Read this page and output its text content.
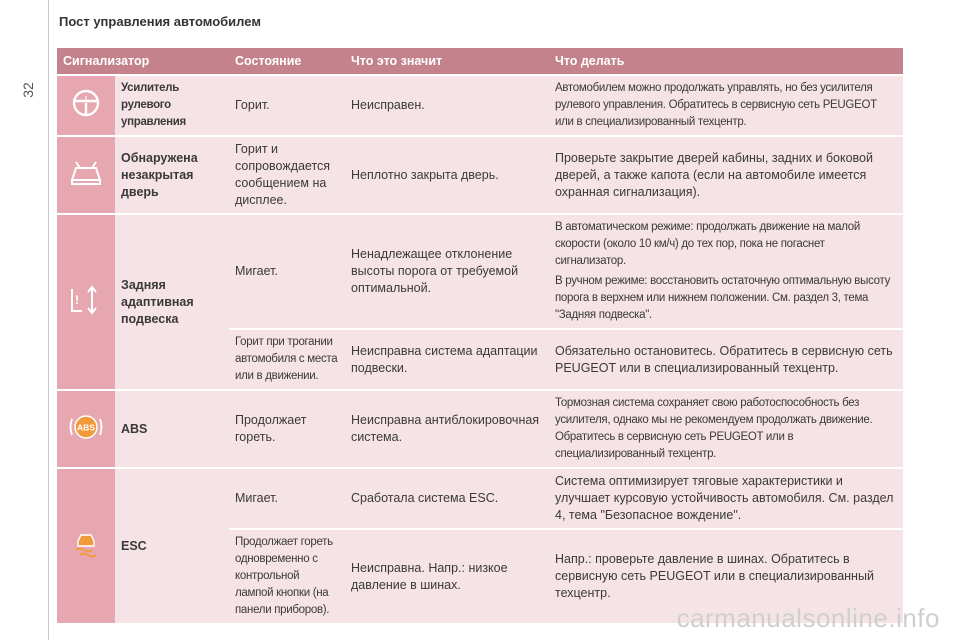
32
Пост управления автомобилем
Сигнализатор		Состояние	Что это значит	Что делать

!	Усилитель рулевого управления	Горит.	Неисправен.	Автомобилем можно продолжать управлять, но без усилителя рулевого управления. Обратитесь в сервисную сеть PEUGEOT или в специализированный техцентр.
	Обнаружена незакрытая дверь	Горит и сопровождается сообщением на дисплее.	Неплотно закрыта дверь.	Проверьте закрытие дверей кабины, задних и боковой дверей, а также капота (если на автомобиле имеется охранная сигнализация).

!	Задняя адаптивная подвеска	Мигает.	Ненадлежащее отклонение высоты порога от требуемой оптимальной.	В автоматическом режиме: продолжать движение на малой скорости (около 10 км/ч) до тех пор, пока не погаснет сигнализатор.
В ручном режиме: восстановить остаточную оптимальную высоту порога в верхнем или нижнем положении. См. раздел 3, тема "Задняя подвеска".

		Горит при трогании автомобиля с места или в движении.	Неисправна система адаптации подвески.	Обязательно остановитесь. Обратитесь в сервисную сеть PEUGEOT или в специализированный техцентр.

ABS	ABS	Продолжает гореть.	Неисправна антиблокировочная система.	Тормозная система сохраняет свою работоспособность без усилителя, однако мы не рекомендуем продолжать движение. Обратитесь в сервисную сеть PEUGEOT или в специализированный техцентр.
	ESC	Мигает.	Сработала система ESC.	Система оптимизирует тяговые характеристики и улучшает курсовую устойчивость автомобиля. См. раздел 4, тема "Безопасное вождение".
		Продолжает гореть одновременно с контрольной лампой кнопки (на панели приборов).	Неисправна. Напр.: низкое давление в шинах.	Напр.: проверьте давление в шинах. Обратитесь в сервисную сеть PEUGEOT или в специализированный техцентр.
carmanualsonline.info
